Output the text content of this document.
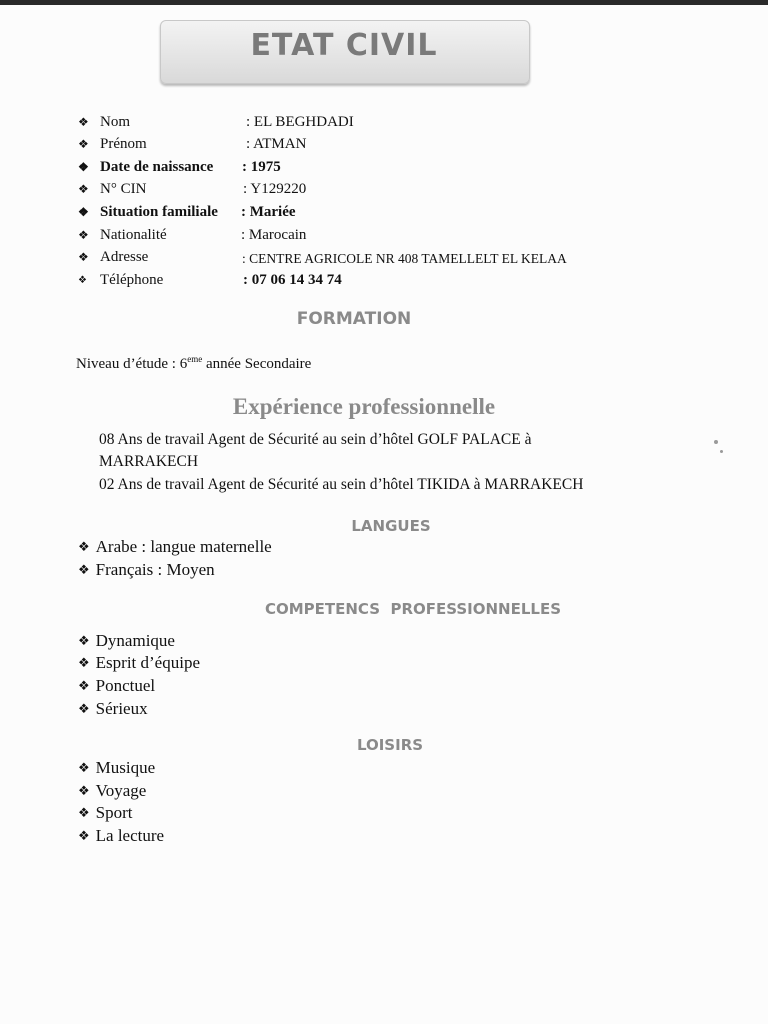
ETAT CIVIL
❖ Nom	: EL BEGHDADI
❖ Prénom	: ATMAN
❖ Date de naissance : 1975
❖ N° CIN	: Y129220
❖ Situation familiale : Mariée
❖ Nationalité	: Marocain
❖ Adresse	: CENTRE AGRICOLE NR 408 TAMELLELT EL KELAA
❖ Téléphone	: 07 06 14 34 74
FORMATION
Niveau d’étude : 6eme année Secondaire
Expérience professionnelle
08 Ans de travail Agent de Sécurité au sein d’hôtel GOLF PALACE à
MARRAKECH
02 Ans de travail Agent de Sécurité au sein d’hôtel TIKIDA à MARRAKECH
LANGUES
❖ Arabe : langue maternelle
❖ Français : Moyen
COMPETENCS  PROFESSIONNELLES
❖ Dynamique
❖ Esprit d’équipe
❖ Ponctuel
❖ Sérieux
LOISIRS
❖ Musique
❖ Voyage
❖ Sport
❖ La lecture
